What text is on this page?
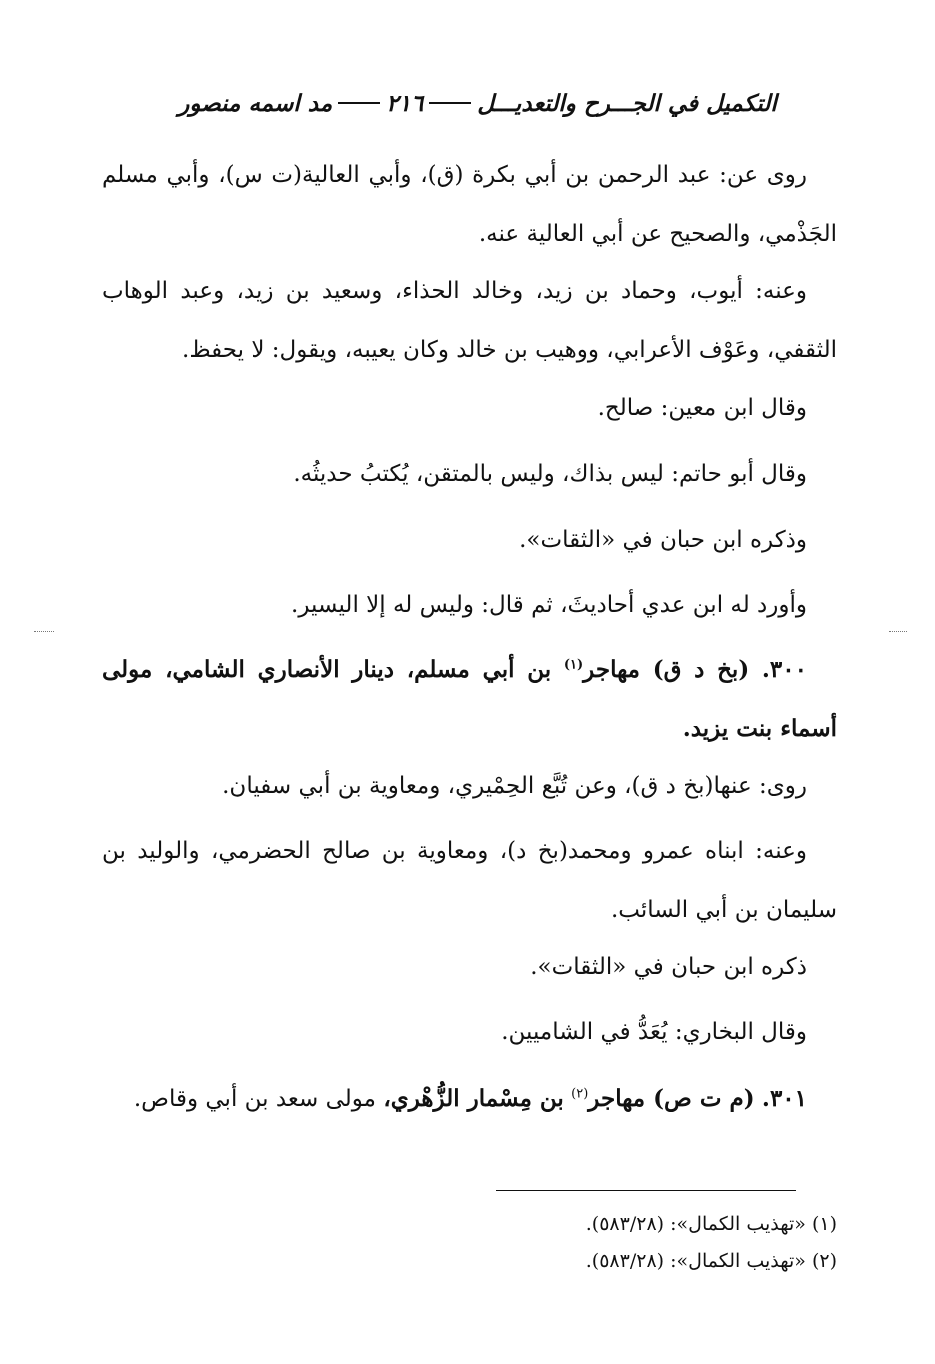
التكميل في الجـــرح والتعديـــل٢١٦مد اسمه منصور

روى عن: عبد الرحمن بن أبي بكرة (ق)، وأبي العالية(ت س)، وأبي مسلم الجَذْمي، والصحيح عن أبي العالية عنه.

وعنه: أيوب، وحماد بن زيد، وخالد الحذاء، وسعيد بن زيد، وعبد الوهاب الثقفي، وعَوْف الأعرابي، ووهيب بن خالد وكان يعيبه، ويقول: لا يحفظ.

وقال ابن معين: صالح.

وقال أبو حاتم: ليس بذاك، وليس بالمتقن، يُكتبُ حديثُه.

وذكره ابن حبان في «الثقات».

وأورد له ابن عدي أحاديثَ، ثم قال: وليس له إلا اليسير.

٣٠٠. (بخ د ق) مهاجر$^{(١)}$ بن أبي مسلم، دينار الأنصاري الشامي، مولى أسماء بنت يزيد.

روى: عنها(بخ د ق)، وعن تُبَّع الحِمْيري، ومعاوية بن أبي سفيان.

وعنه: ابناه عمرو ومحمد(بخ د)، ومعاوية بن صالح الحضرمي، والوليد بن سليمان بن أبي السائب.

ذكره ابن حبان في «الثقات».

وقال البخاري: يُعَدُّ في الشاميين.

٣٠١. (م ت ص) مهاجر$^{(٢)}$ بن مِسْمار الزُّهْري، مولى سعد بن أبي وقاص.

(١) «تهذيب الكمال»: (٥٨٣/٢٨).
(٢) «تهذيب الكمال»: (٥٨٣/٢٨).
